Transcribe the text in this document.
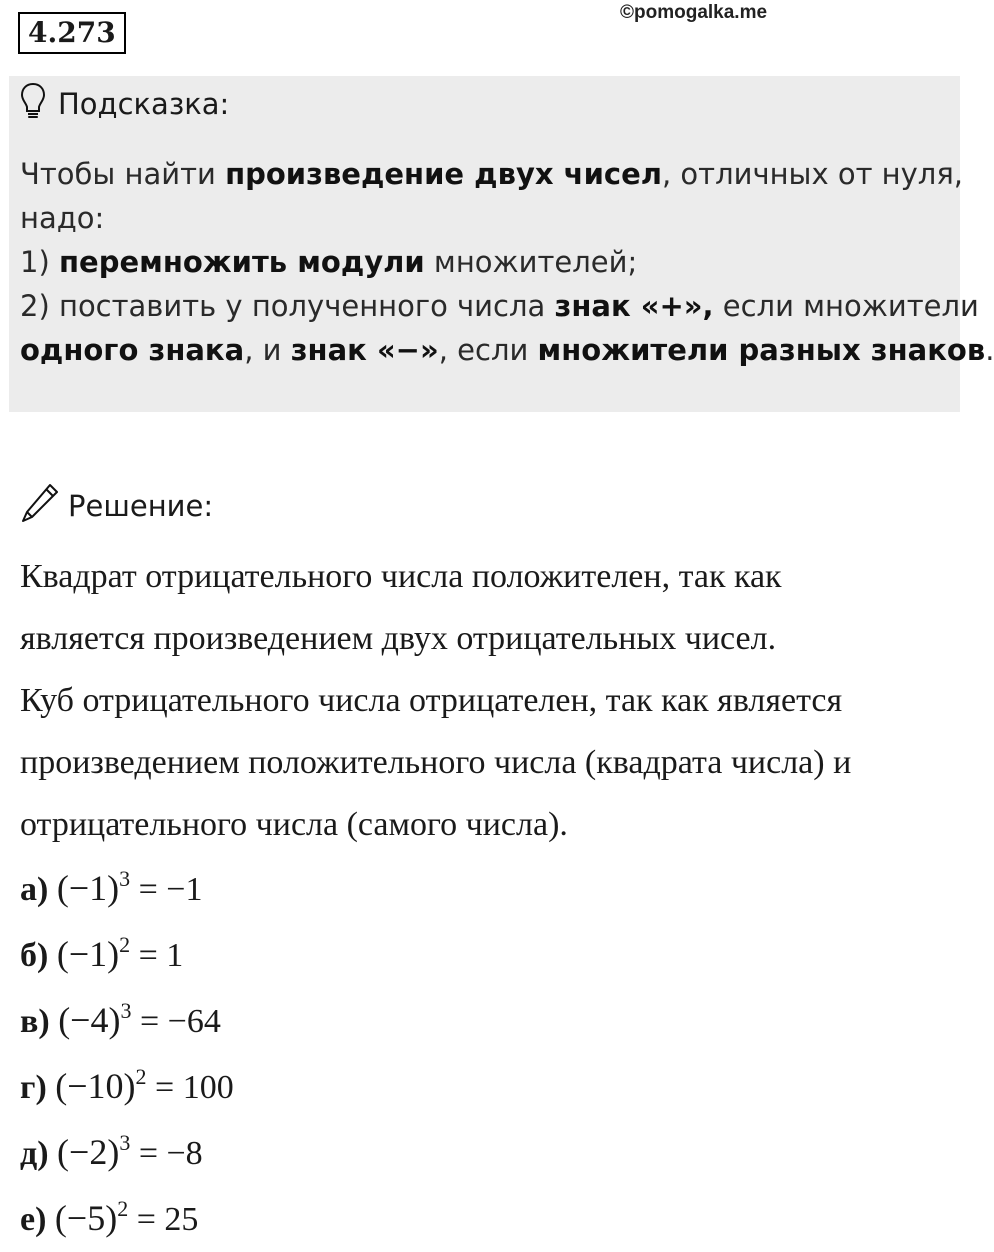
4.273
©pomogalka.me
Подсказка:
Чтобы найти произведение двух чисел, отличных от нуля,
надо:
1) перемножить модули множителей;
2) поставить у полученного числа знак «+», если множители
одного знака, и знак «−», если множители разных знаков.
Решение:
Квадрат отрицательного числа положителен, так как
является произведением двух отрицательных чисел.
Куб отрицательного числа отрицателен, так как является
произведением положительного числа (квадрата числа) и
отрицательного числа (самого числа).
а) $(-1)^3 = -1$
б) $(-1)^2 = 1$
в) $(-4)^3 = -64$
г) $(-10)^2 = 100$
д) $(-2)^3 = -8$
е) $(-5)^2 = 25$
